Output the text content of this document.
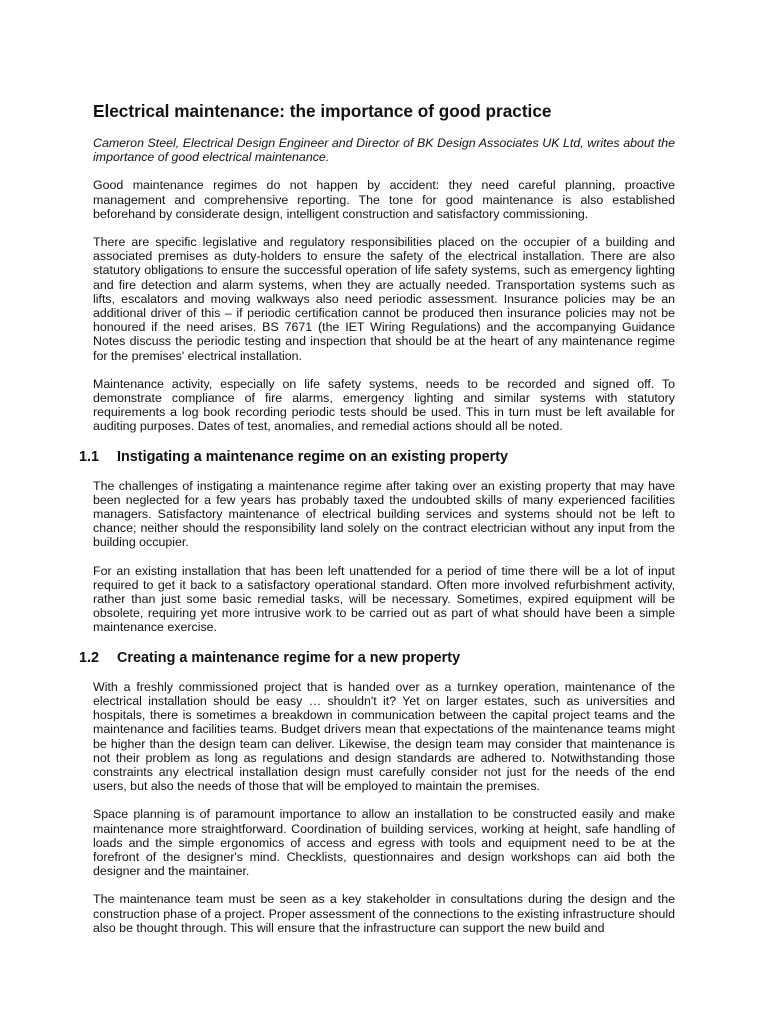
Electrical maintenance: the importance of good practice

Cameron Steel, Electrical Design Engineer and Director of BK Design Associates UK Ltd, writes about the importance of good electrical maintenance.

Good maintenance regimes do not happen by accident: they need careful planning, proactive management and comprehensive reporting. The tone for good maintenance is also established beforehand by considerate design, intelligent construction and satisfactory commissioning.

There are specific legislative and regulatory responsibilities placed on the occupier of a building and associated premises as duty-holders to ensure the safety of the electrical installation. There are also statutory obligations to ensure the successful operation of life safety systems, such as emergency lighting and fire detection and alarm systems, when they are actually needed. Transportation systems such as lifts, escalators and moving walkways also need periodic assessment. Insurance policies may be an additional driver of this – if periodic certification cannot be produced then insurance policies may not be honoured if the need arises. BS 7671 (the IET Wiring Regulations) and the accompanying Guidance Notes discuss the periodic testing and inspection that should be at the heart of any maintenance regime for the premises' electrical installation.

Maintenance activity, especially on life safety systems, needs to be recorded and signed off. To demonstrate compliance of fire alarms, emergency lighting and similar systems with statutory requirements a log book recording periodic tests should be used. This in turn must be left available for auditing purposes. Dates of test, anomalies, and remedial actions should all be noted.

1.1 Instigating a maintenance regime on an existing property

The challenges of instigating a maintenance regime after taking over an existing property that may have been neglected for a few years has probably taxed the undoubted skills of many experienced facilities managers. Satisfactory maintenance of electrical building services and systems should not be left to chance; neither should the responsibility land solely on the contract electrician without any input from the building occupier.

For an existing installation that has been left unattended for a period of time there will be a lot of input required to get it back to a satisfactory operational standard. Often more involved refurbishment activity, rather than just some basic remedial tasks, will be necessary. Sometimes, expired equipment will be obsolete, requiring yet more intrusive work to be carried out as part of what should have been a simple maintenance exercise.

1.2 Creating a maintenance regime for a new property

With a freshly commissioned project that is handed over as a turnkey operation, maintenance of the electrical installation should be easy … shouldn't it? Yet on larger estates, such as universities and hospitals, there is sometimes a breakdown in communication between the capital project teams and the maintenance and facilities teams. Budget drivers mean that expectations of the maintenance teams might be higher than the design team can deliver. Likewise, the design team may consider that maintenance is not their problem as long as regulations and design standards are adhered to. Notwithstanding those constraints any electrical installation design must carefully consider not just for the needs of the end users, but also the needs of those that will be employed to maintain the premises.

Space planning is of paramount importance to allow an installation to be constructed easily and make maintenance more straightforward. Coordination of building services, working at height, safe handling of loads and the simple ergonomics of access and egress with tools and equipment need to be at the forefront of the designer's mind. Checklists, questionnaires and design workshops can aid both the designer and the maintainer.

The maintenance team must be seen as a key stakeholder in consultations during the design and the construction phase of a project. Proper assessment of the connections to the existing infrastructure should also be thought through. This will ensure that the infrastructure can support the new build and
